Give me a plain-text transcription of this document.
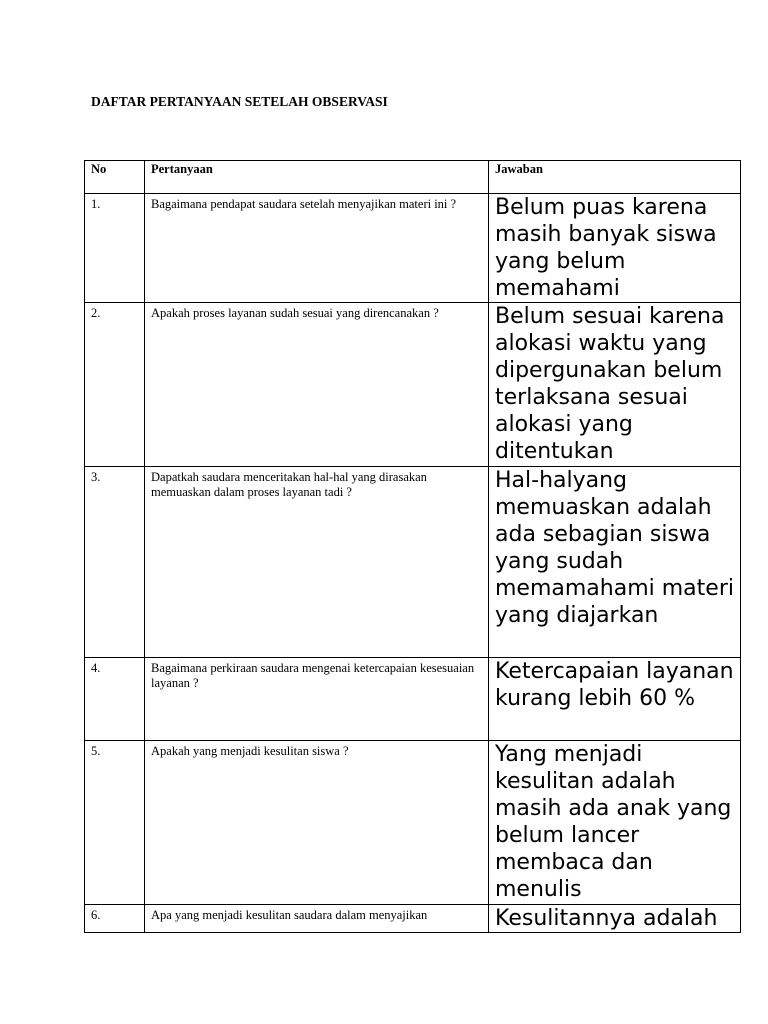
DAFTAR PERTANYAAN SETELAH OBSERVASI
No	Pertanyaan	Jawaban

1.	Bagaimana pendapat saudara setelah menyajikan materi ini ?	Belum puas karena masih banyak siswa yang belum memahami

2.	Apakah proses layanan sudah sesuai yang direncanakan ?	Belum sesuai karena alokasi waktu yang dipergunakan belum terlaksana sesuai alokasi yang ditentukan

3.	Dapatkah saudara menceritakan hal-hal yang dirasakan memuaskan dalam proses layanan tadi ?	Hal-halyang memuaskan adalah ada sebagian siswa yang sudah memamahami materi yang diajarkan

4.	Bagaimana perkiraan saudara mengenai ketercapaian kesesuaian layanan ?	Ketercapaian layanan kurang lebih 60 %

5.	Apakah yang menjadi kesulitan siswa ?	Yang menjadi kesulitan adalah masih ada anak yang belum lancer membaca dan menulis

6.	Apa yang menjadi kesulitan saudara dalam menyajikan	Kesulitannya adalah
